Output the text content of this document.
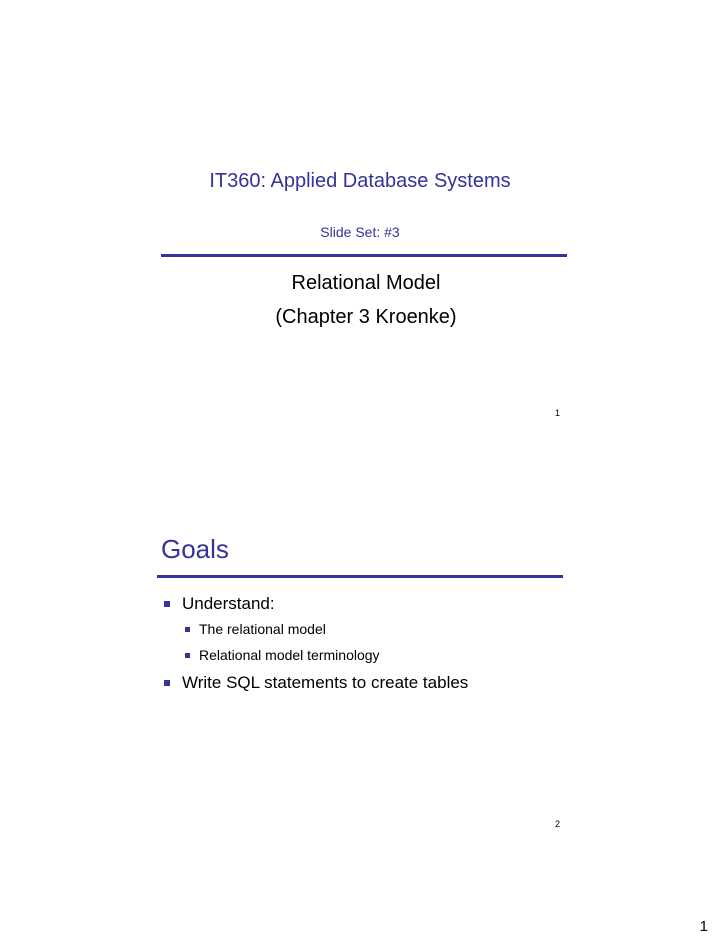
IT360: Applied Database Systems
Slide Set: #3
Relational Model
(Chapter 3 Kroenke)
1
Goals
Understand:
The relational model
Relational model terminology
Write SQL statements to create tables
2
1
